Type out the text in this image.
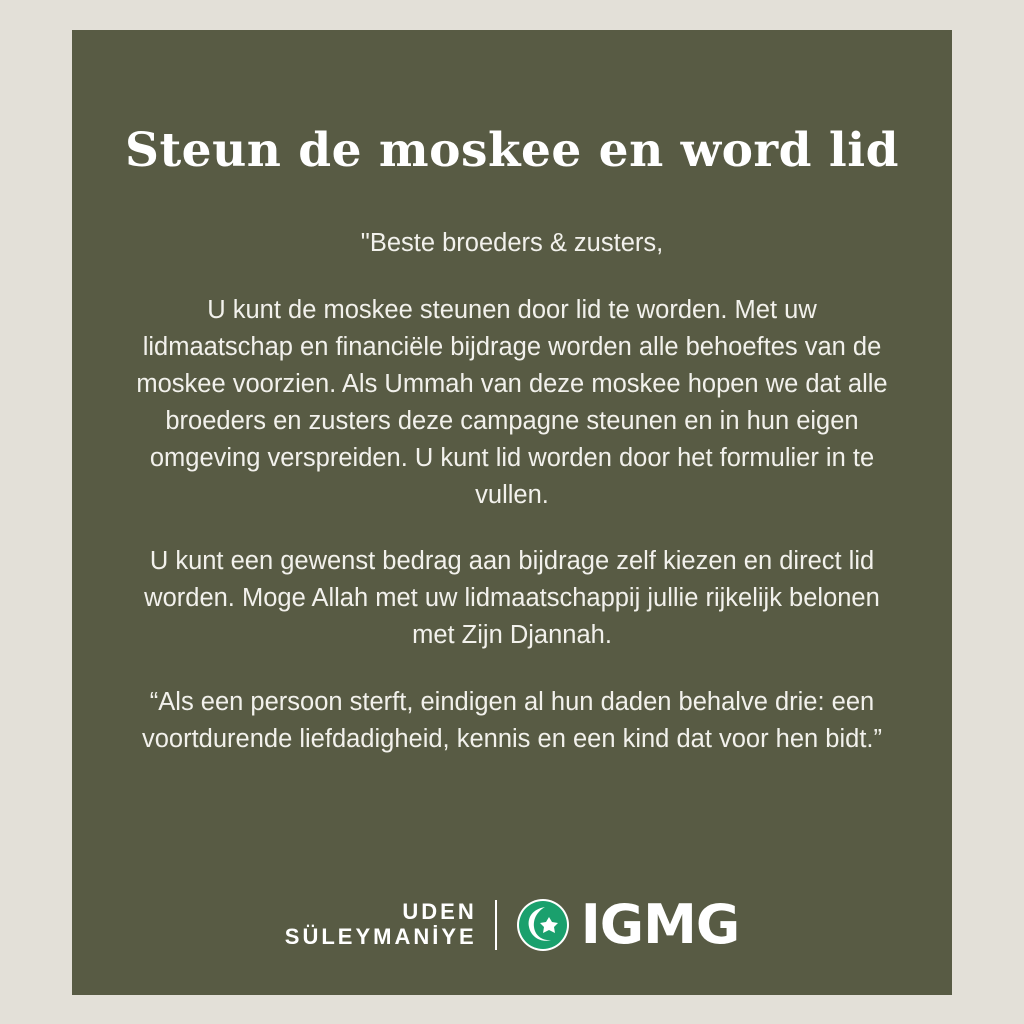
Steun de moskee en word lid

"Beste broeders & zusters,

U kunt de moskee steunen door lid te worden. Met uw lidmaatschap en financiële bijdrage worden alle behoeftes van de moskee voorzien. Als Ummah van deze moskee hopen we dat alle broeders en zusters deze campagne steunen en in hun eigen omgeving verspreiden. U kunt lid worden door het formulier in te vullen.

U kunt een gewenst bedrag aan bijdrage zelf kiezen en direct lid worden. Moge Allah met uw lidmaatschappij jullie rijkelijk belonen met Zijn Djannah.

“Als een persoon sterft, eindigen al hun daden behalve drie: een voortdurende liefdadigheid, kennis en een kind dat voor hen bidt.”

UDEN
SÜLEYMANİYE IGMG
